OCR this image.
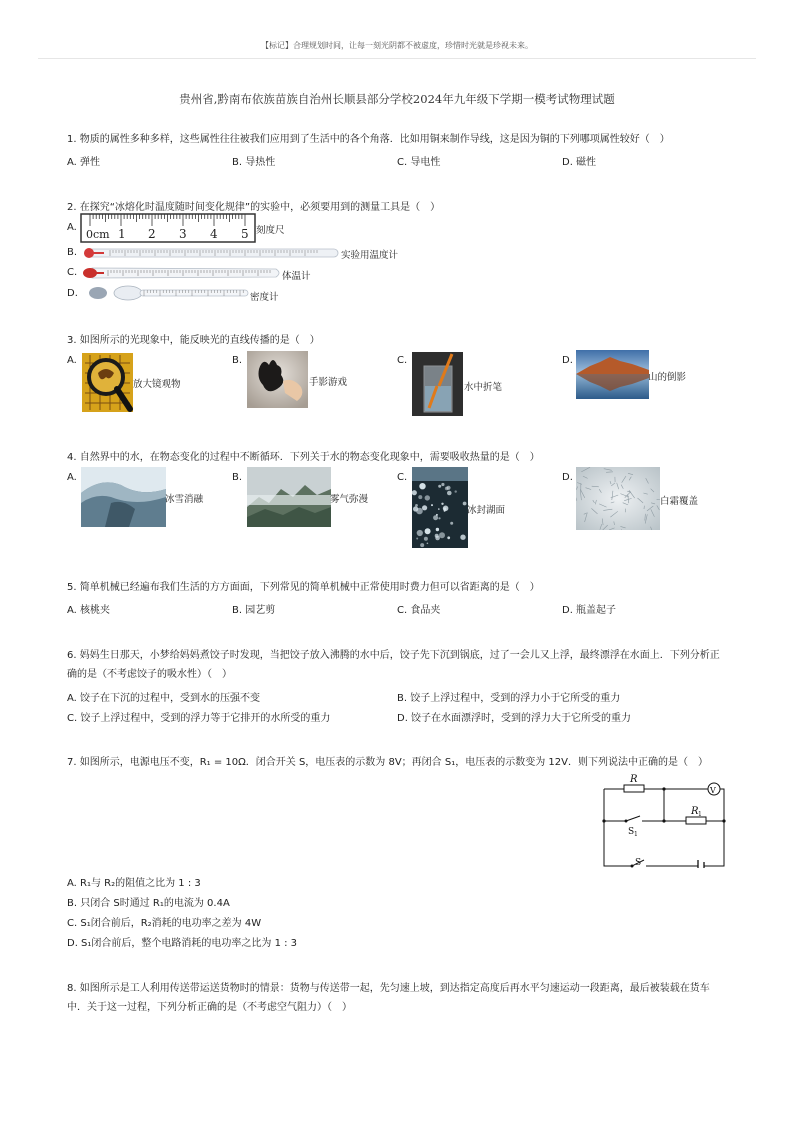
【标记】合理规划时间，让每一刻光阴都不被虚度，珍惜时光就是珍视未来。
贵州省,黔南布依族苗族自治州长顺县部分学校2024年九年级下学期一模考试物理试题
1. 物质的属性多种多样，这些属性往往被我们应用到了生活中的各个角落．比如用铜来制作导线，这是因为铜的下列哪项属性较好（　）
A. 弹性	B. 导热性	C. 导电性	D. 磁性
2. 在探究“冰熔化时温度随时间变化规律”的实验中，必须要用到的测量工具是（　）
A.
0cm 1 2 3 4 5 刻度尺
B.	实验用温度计
C.	体温计
D.	密度计
3. 如图所示的光现象中，能反映光的直线传播的是（　）
A.
放大镜观物
B.
手影游戏
C.
水中折笔
D.
山的倒影
4. 自然界中的水，在物态变化的过程中不断循环．下列关于水的物态变化现象中，需要吸收热量的是（　）
A.
冰雪消融
B.
雾气弥漫
C.
冰封湖面
D.
白霜覆盖
5. 简单机械已经遍布我们生活的方方面面，下列常见的简单机械中正常使用时费力但可以省距离的是（　）
A. 核桃夹	B. 园艺剪	C. 食品夹	D. 瓶盖起子
6. 妈妈生日那天，小梦给妈妈煮饺子时发现，当把饺子放入沸腾的水中后，饺子先下沉到锅底，过了一会儿又上浮，最终漂浮在水面上．下列分析正
确的是（不考虑饺子的吸水性）（　）
A. 饺子在下沉的过程中，受到水的压强不变	B. 饺子上浮过程中，受到的浮力小于它所受的重力
C. 饺子上浮过程中，受到的浮力等于它排开的水所受的重力	D. 饺子在水面漂浮时，受到的浮力大于它所受的重力
7. 如图所示，电源电压不变，R₁ = 10Ω．闭合开关 S，电压表的示数为 8V；再闭合 S₁，电压表的示数变为 12V．则下列说法中正确的是（　）
R
V
R 1
S 1
S
A. R₁与 R₂的阻值之比为 1 : 3
B. 只闭合 S时通过 R₁的电流为 0.4A
C. S₁闭合前后，R₂消耗的电功率之差为 4W
D. S₁闭合前后，整个电路消耗的电功率之比为 1 : 3
8. 如图所示是工人利用传送带运送货物时的情景：货物与传送带一起，先匀速上坡，到达指定高度后再水平匀速运动一段距离，最后被装载在货车
中．关于这一过程，下列分析正确的是（不考虑空气阻力）（　）
